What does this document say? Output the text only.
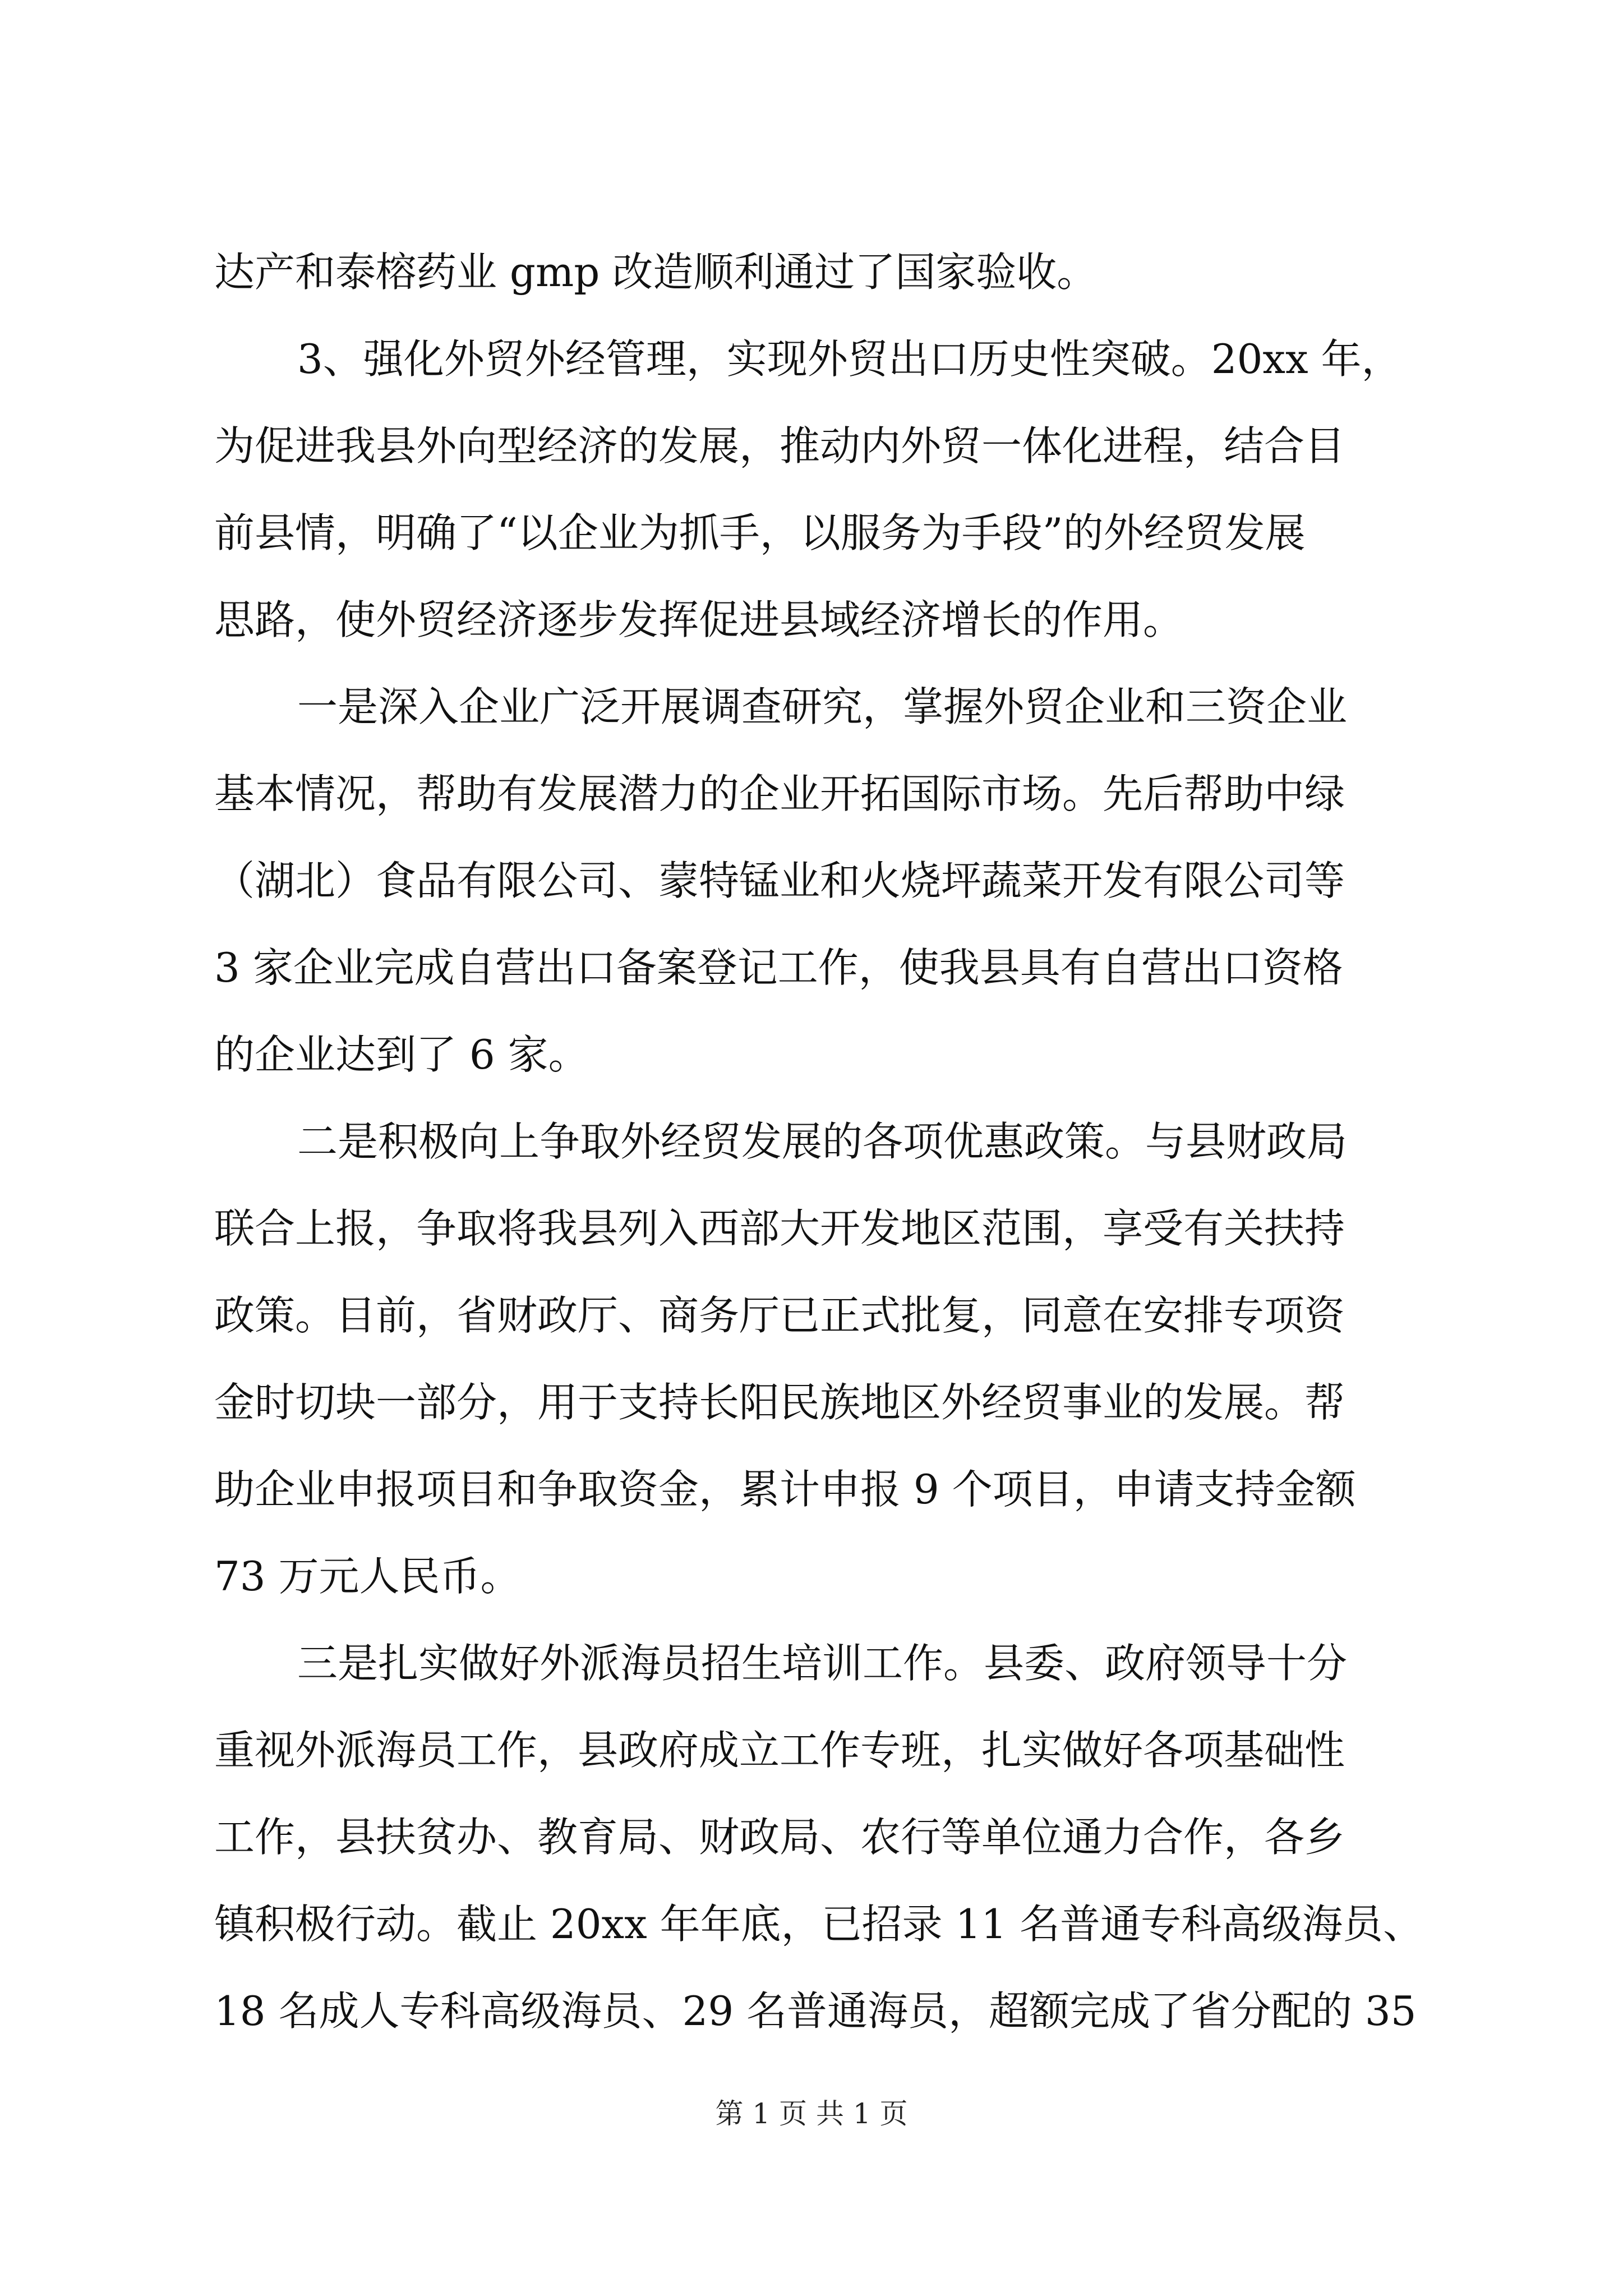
达产和泰榕药业 gmp 改造顺利通过了国家验收。
3、强化外贸外经管理，实现外贸出口历史性突破。20xx 年，
为促进我县外向型经济的发展，推动内外贸一体化进程，结合目
前县情，明确了“以企业为抓手，以服务为手段”的外经贸发展
思路，使外贸经济逐步发挥促进县域经济增长的作用。
一是深入企业广泛开展调查研究，掌握外贸企业和三资企业
基本情况，帮助有发展潜力的企业开拓国际市场。先后帮助中绿
（湖北）食品有限公司、蒙特锰业和火烧坪蔬菜开发有限公司等
3 家企业完成自营出口备案登记工作，使我县具有自营出口资格
的企业达到了 6 家。
二是积极向上争取外经贸发展的各项优惠政策。与县财政局
联合上报，争取将我县列入西部大开发地区范围，享受有关扶持
政策。目前，省财政厅、商务厅已正式批复，同意在安排专项资
金时切块一部分，用于支持长阳民族地区外经贸事业的发展。帮
助企业申报项目和争取资金，累计申报 9 个项目，申请支持金额
73 万元人民币。
三是扎实做好外派海员招生培训工作。县委、政府领导十分
重视外派海员工作，县政府成立工作专班，扎实做好各项基础性
工作，县扶贫办、教育局、财政局、农行等单位通力合作，各乡
镇积极行动。截止 20xx 年年底，已招录 11 名普通专科高级海员、
18 名成人专科高级海员、29 名普通海员，超额完成了省分配的 35
第 1 页 共 1 页
